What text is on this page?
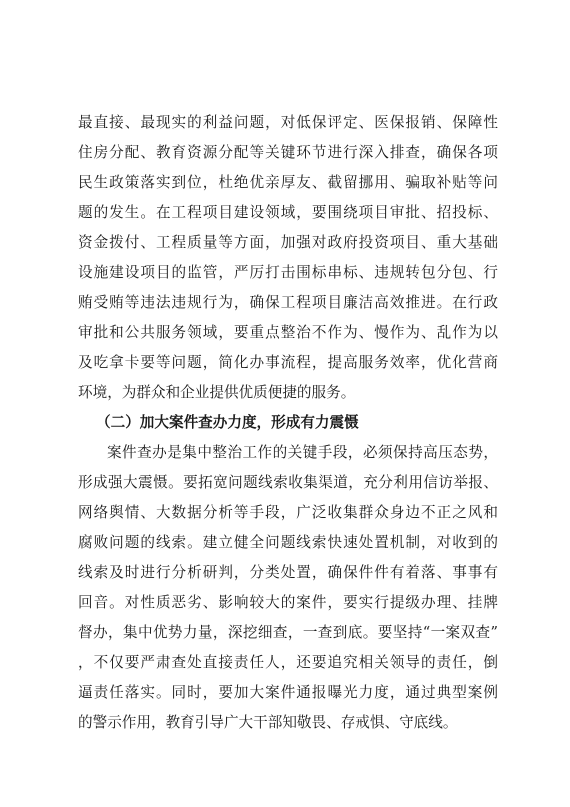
最直接、最现实的利益问题，对低保评定、医保报销、保障性
住房分配、教育资源分配等关键环节进行深入排查，确保各项
民生政策落实到位，杜绝优亲厚友、截留挪用、骗取补贴等问
题的发生。在工程项目建设领域，要围绕项目审批、招投标、
资金拨付、工程质量等方面，加强对政府投资项目、重大基础
设施建设项目的监管，严厉打击围标串标、违规转包分包、行
贿受贿等违法违规行为，确保工程项目廉洁高效推进。在行政
审批和公共服务领域，要重点整治不作为、慢作为、乱作为以
及吃拿卡要等问题，简化办事流程，提高服务效率，优化营商
环境，为群众和企业提供优质便捷的服务。
（二）加大案件查办力度，形成有力震慑
案件查办是集中整治工作的关键手段，必须保持高压态势，
形成强大震慑。要拓宽问题线索收集渠道，充分利用信访举报、
网络舆情、大数据分析等手段，广泛收集群众身边不正之风和
腐败问题的线索。建立健全问题线索快速处置机制，对收到的
线索及时进行分析研判，分类处置，确保件件有着落、事事有
回音。对性质恶劣、影响较大的案件，要实行提级办理、挂牌
督办，集中优势力量，深挖细查，一查到底。要坚持“一案双查”
，不仅要严肃查处直接责任人，还要追究相关领导的责任，倒
逼责任落实。同时，要加大案件通报曝光力度，通过典型案例
的警示作用，教育引导广大干部知敬畏、存戒惧、守底线。
